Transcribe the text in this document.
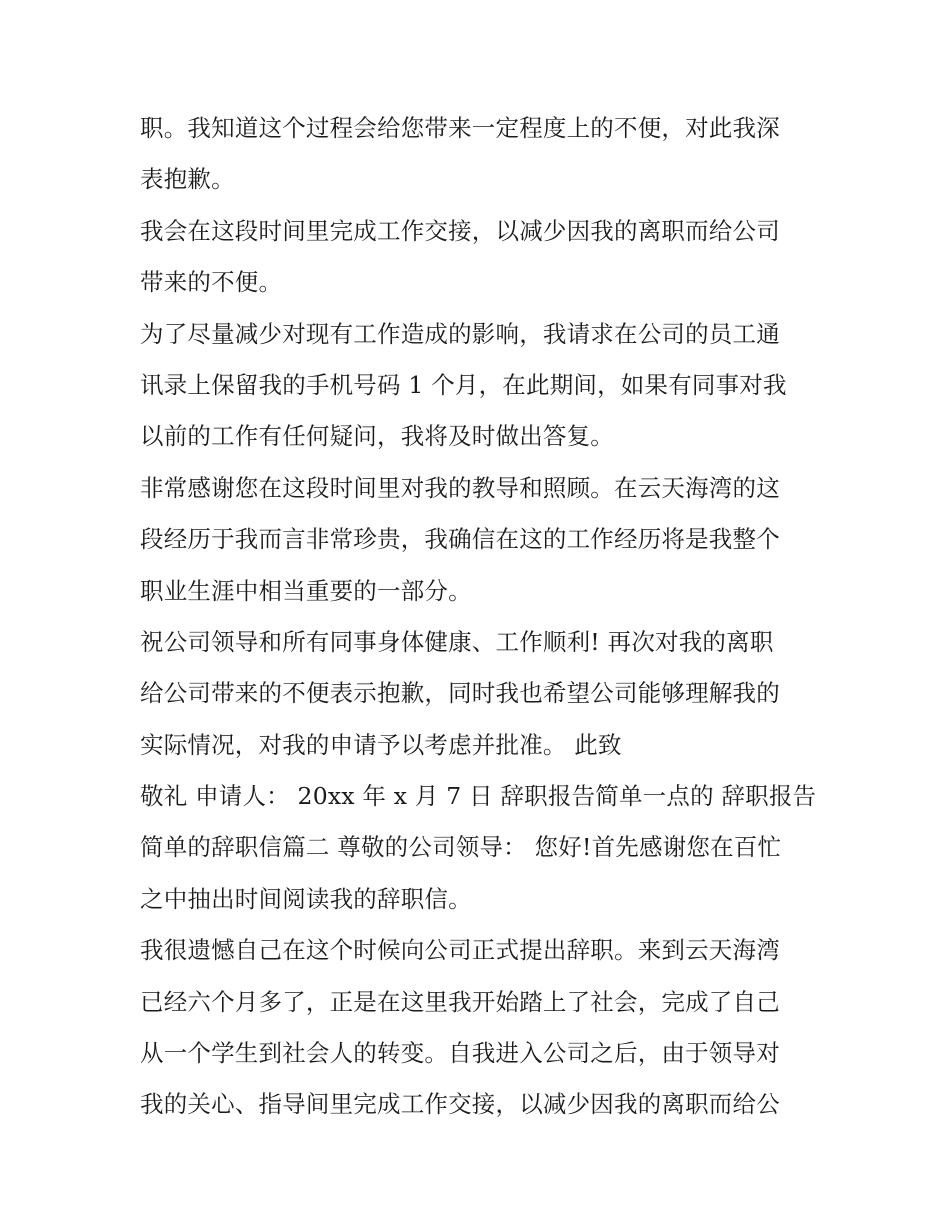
职。我知道这个过程会给您带来一定程度上的不便，对此我深
表抱歉。
我会在这段时间里完成工作交接，以减少因我的离职而给公司
带来的不便。
为了尽量减少对现有工作造成的影响，我请求在公司的员工通
讯录上保留我的手机号码 1 个月，在此期间，如果有同事对我
以前的工作有任何疑问，我将及时做出答复。
非常感谢您在这段时间里对我的教导和照顾。在云天海湾的这
段经历于我而言非常珍贵，我确信在这的工作经历将是我整个
职业生涯中相当重要的一部分。
祝公司领导和所有同事身体健康、工作顺利! 再次对我的离职
给公司带来的不便表示抱歉，同时我也希望公司能够理解我的
实际情况，对我的申请予以考虑并批准。 此致
敬礼 申请人： 20xx 年 x 月 7 日 辞职报告简单一点的 辞职报告
简单的辞职信篇二 尊敬的公司领导： 您好!首先感谢您在百忙
之中抽出时间阅读我的辞职信。
我很遗憾自己在这个时候向公司正式提出辞职。来到云天海湾
已经六个月多了，正是在这里我开始踏上了社会，完成了自己
从一个学生到社会人的转变。自我进入公司之后，由于领导对
我的关心、指导间里完成工作交接，以减少因我的离职而给公
